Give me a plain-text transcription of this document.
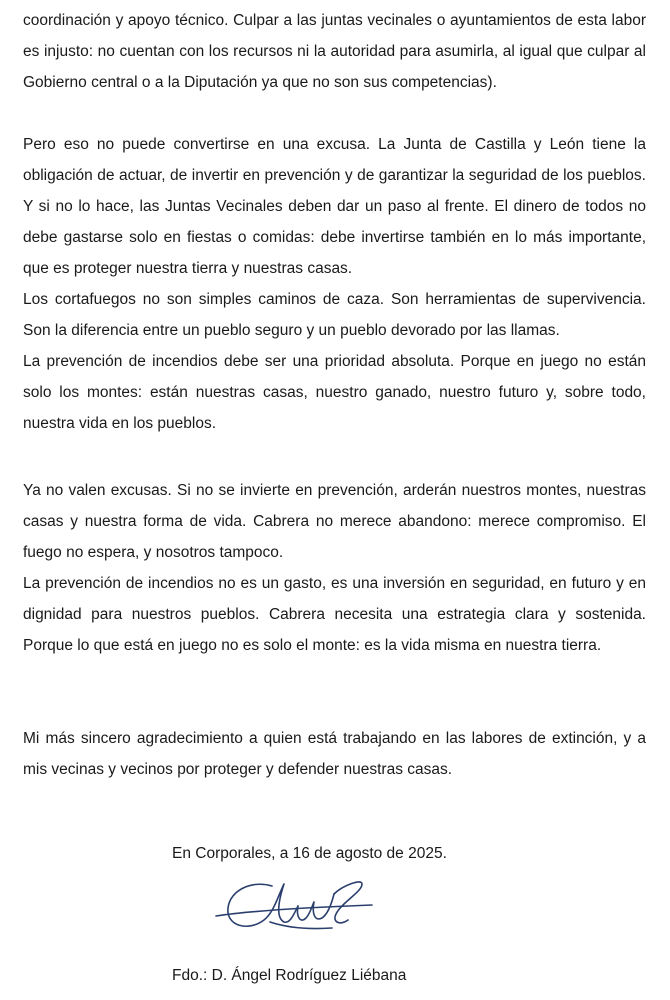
coordinación y apoyo técnico. Culpar a las juntas vecinales o ayuntamientos de esta labor es injusto: no cuentan con los recursos ni la autoridad para asumirla, al igual que culpar al Gobierno central o a la Diputación ya que no son sus competencias).

Pero eso no puede convertirse en una excusa. La Junta de Castilla y León tiene la obligación de actuar, de invertir en prevención y de garantizar la seguridad de los pueblos. Y si no lo hace, las Juntas Vecinales deben dar un paso al frente. El dinero de todos no debe gastarse solo en fiestas o comidas: debe invertirse también en lo más importante, que es proteger nuestra tierra y nuestras casas.

Los cortafuegos no son simples caminos de caza. Son herramientas de supervivencia. Son la diferencia entre un pueblo seguro y un pueblo devorado por las llamas.

La prevención de incendios debe ser una prioridad absoluta. Porque en juego no están solo los montes: están nuestras casas, nuestro ganado, nuestro futuro y, sobre todo, nuestra vida en los pueblos.

Ya no valen excusas. Si no se invierte en prevención, arderán nuestros montes, nuestras casas y nuestra forma de vida. Cabrera no merece abandono: merece compromiso. El fuego no espera, y nosotros tampoco.

La prevención de incendios no es un gasto, es una inversión en seguridad, en futuro y en dignidad para nuestros pueblos. Cabrera necesita una estrategia clara y sostenida. Porque lo que está en juego no es solo el monte: es la vida misma en nuestra tierra.

Mi más sincero agradecimiento a quien está trabajando en las labores de extinción, y a mis vecinas y vecinos por proteger y defender nuestras casas.

En Corporales, a 16 de agosto de 2025.

Fdo.: D. Ángel Rodríguez Liébana
